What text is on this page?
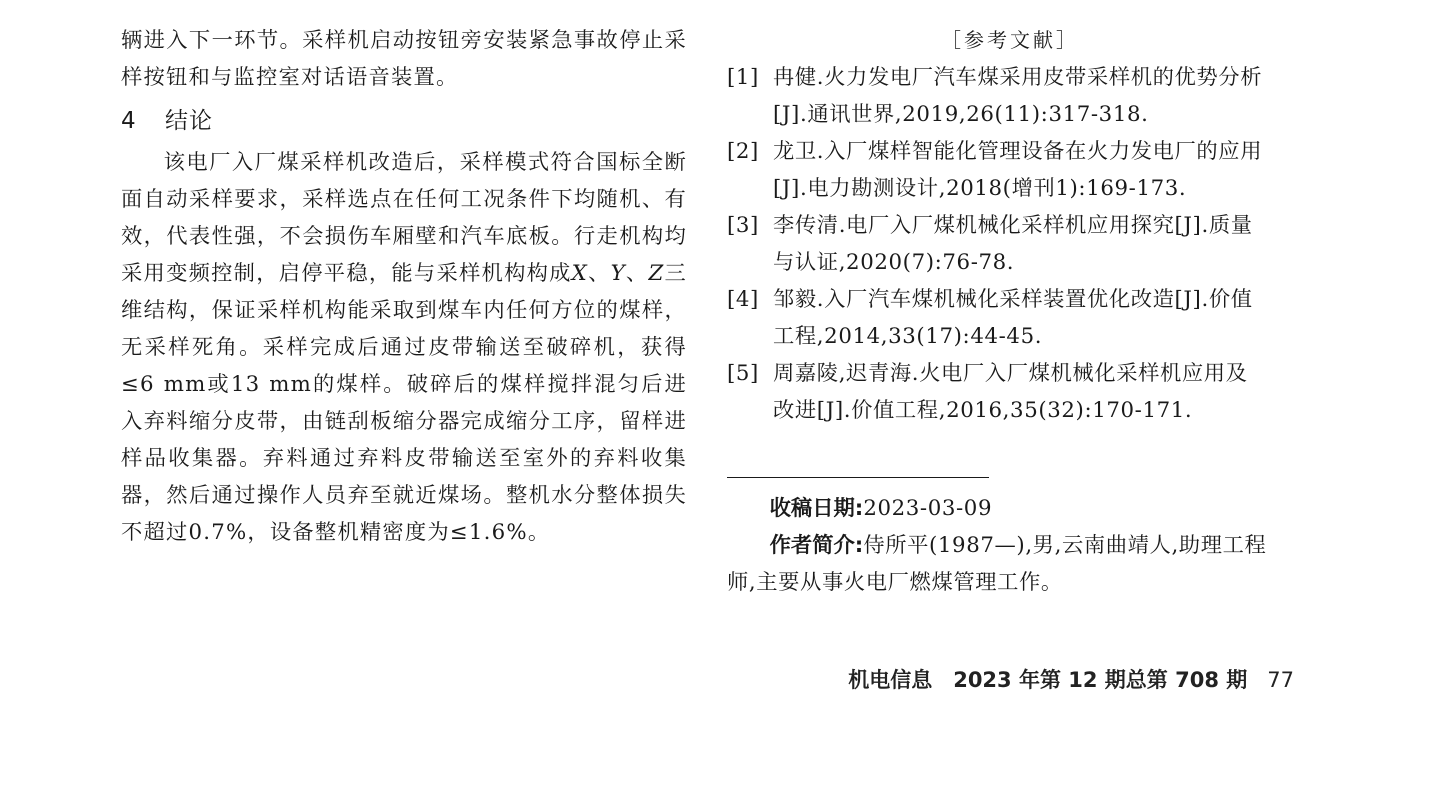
辆进入下一环节。采样机启动按钮旁安装紧急事故停止采样按钮和与监控室对话语音装置。

4 结论

该电厂入厂煤采样机改造后，采样模式符合国标全断面自动采样要求，采样选点在任何工况条件下均随机、有效，代表性强，不会损伤车厢壁和汽车底板。行走机构均采用变频控制，启停平稳，能与采样机构构成X、Y、Z三维结构，保证采样机构能采取到煤车内任何方位的煤样，无采样死角。采样完成后通过皮带输送至破碎机，获得≤6 mm或13 mm的煤样。破碎后的煤样搅拌混匀后进入弃料缩分皮带，由链刮板缩分器完成缩分工序，留样进样品收集器。弃料通过弃料皮带输送至室外的弃料收集器，然后通过操作人员弃至就近煤场。整机水分整体损失不超过0.7%，设备整机精密度为≤1.6%。

［参考文献］
[1] 冉健.火力发电厂汽车煤采用皮带采样机的优势分析
[J].通讯世界,2019,26(11):317-318.
[2] 龙卫.入厂煤样智能化管理设备在火力发电厂的应用
[J].电力勘测设计,2018(增刊1):169-173.
[3] 李传清.电厂入厂煤机械化采样机应用探究[J].质量
与认证,2020(7):76-78.
[4] 邹毅.入厂汽车煤机械化采样装置优化改造[J].价值
工程,2014,33(17):44-45.
[5] 周嘉陵,迟青海.火电厂入厂煤机械化采样机应用及
改进[J].价值工程,2016,35(32):170-171.

收稿日期:2023-03-09

作者简介:侍所平(1987—),男,云南曲靖人,助理工程师,主要从事火电厂燃煤管理工作。

机电信息　2023 年第 12 期总第 708 期 77
